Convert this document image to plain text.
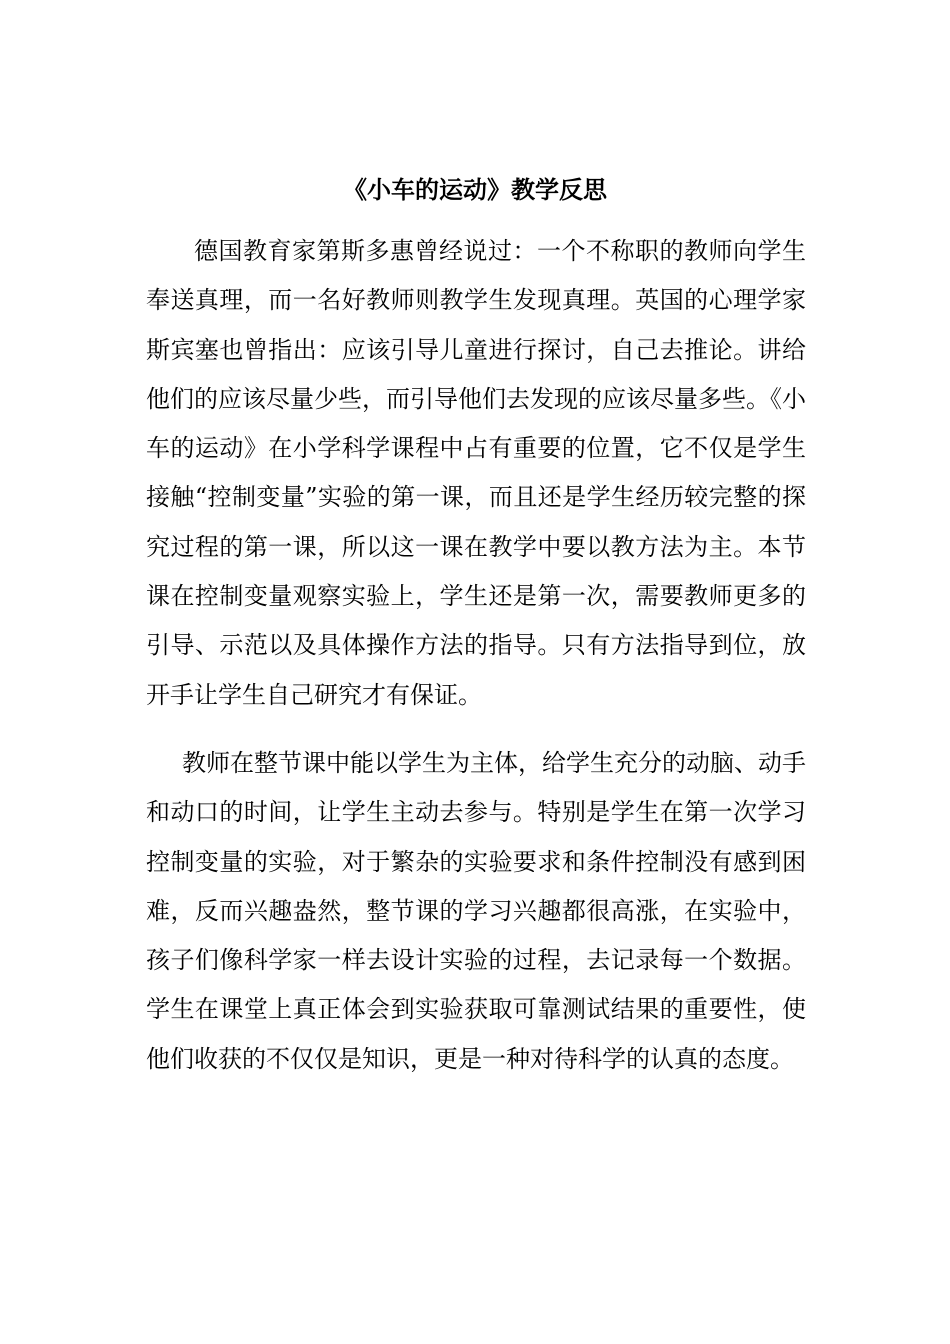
《小车的运动》教学反思

德国教育家第斯多惠曾经说过：一个不称职的教师向学生奉送真理，而一名好教师则教学生发现真理。英国的心理学家斯宾塞也曾指出：应该引导儿童进行探讨，自己去推论。讲给他们的应该尽量少些，而引导他们去发现的应该尽量多些。《小车的运动》在小学科学课程中占有重要的位置，它不仅是学生接触“控制变量”实验的第一课，而且还是学生经历较完整的探究过程的第一课，所以这一课在教学中要以教方法为主。本节课在控制变量观察实验上，学生还是第一次，需要教师更多的引导、示范以及具体操作方法的指导。只有方法指导到位，放开手让学生自己研究才有保证。

教师在整节课中能以学生为主体，给学生充分的动脑、动手和动口的时间，让学生主动去参与。特别是学生在第一次学习控制变量的实验，对于繁杂的实验要求和条件控制没有感到困难，反而兴趣盎然，整节课的学习兴趣都很高涨，在实验中，孩子们像科学家一样去设计实验的过程，去记录每一个数据。学生在课堂上真正体会到实验获取可靠测试结果的重要性，使他们收获的不仅仅是知识，更是一种对待科学的认真的态度。
